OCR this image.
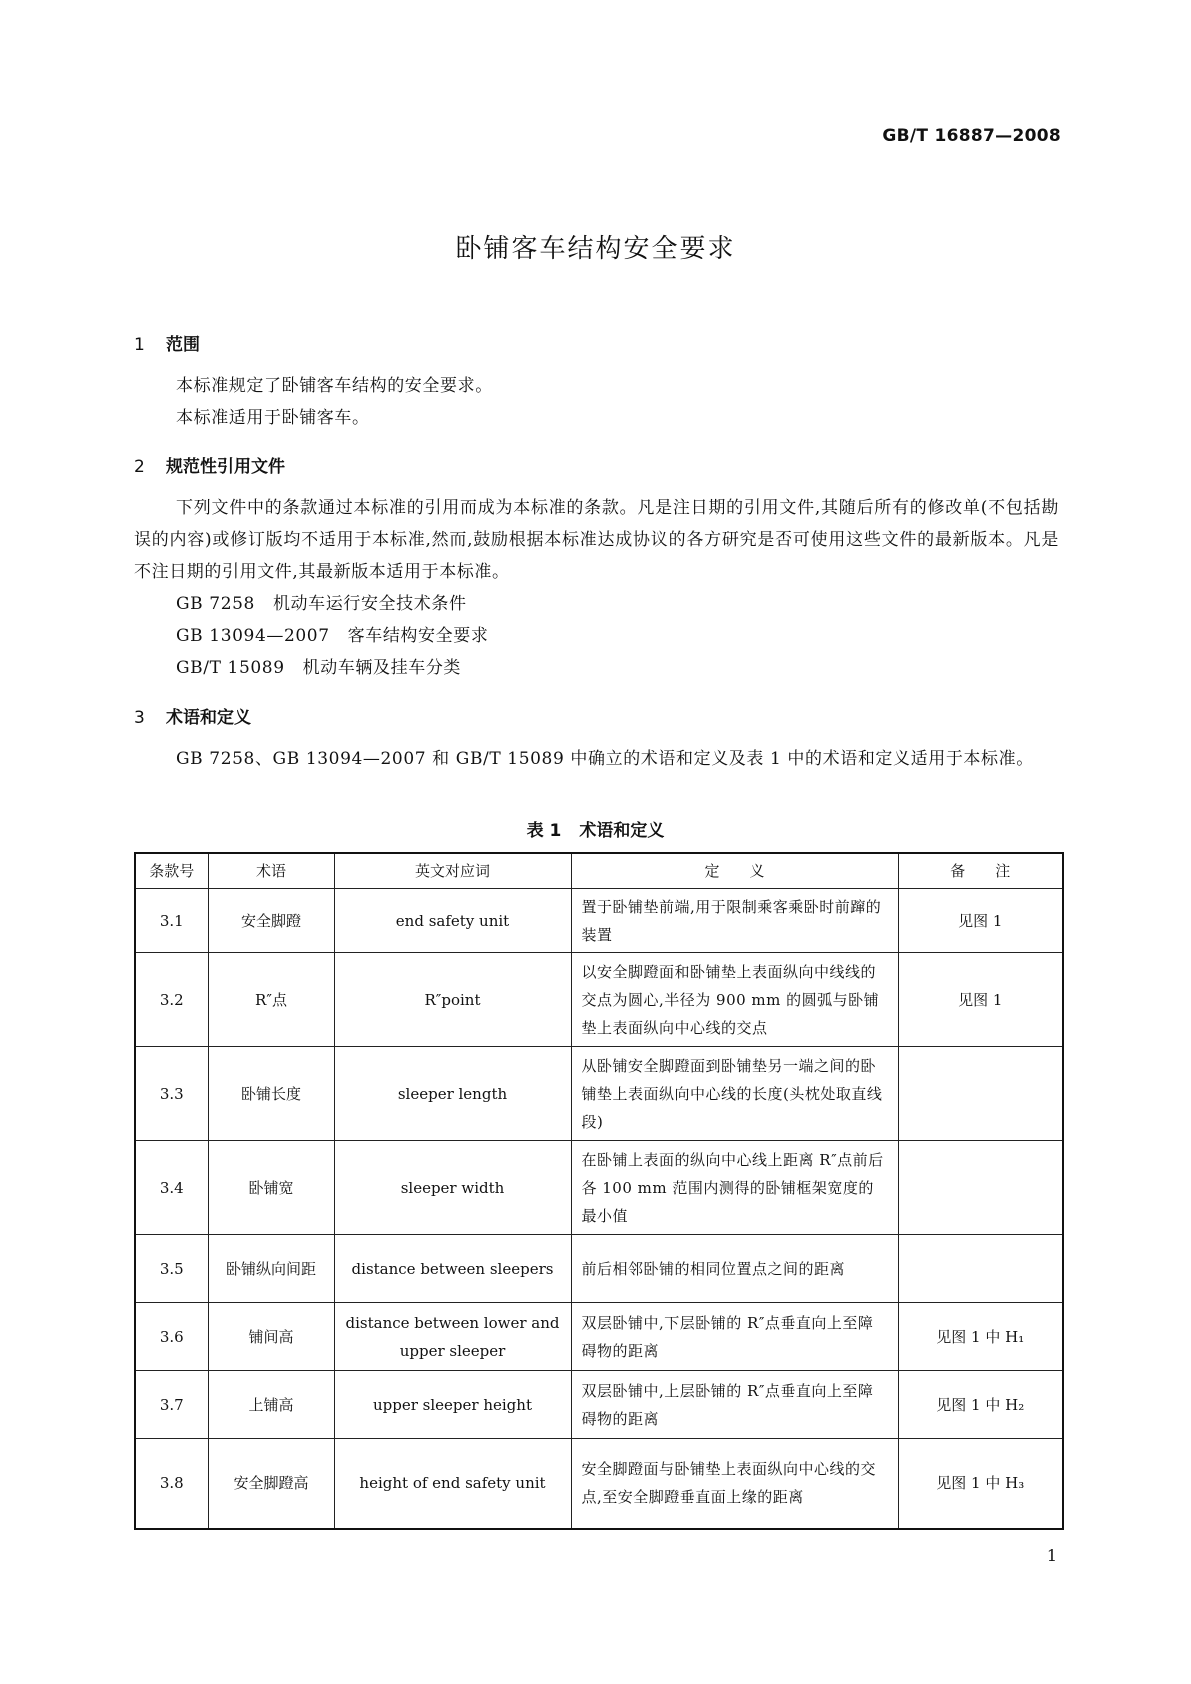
GB/T 16887—2008
卧铺客车结构安全要求
1 范围

本标准规定了卧铺客车结构的安全要求。

本标准适用于卧铺客车。

2 规范性引用文件

下列文件中的条款通过本标准的引用而成为本标准的条款。凡是注日期的引用文件,其随后所有的修改单(不包括勘误的内容)或修订版均不适用于本标准,然而,鼓励根据本标准达成协议的各方研究是否可使用这些文件的最新版本。凡是不注日期的引用文件,其最新版本适用于本标准。

GB 7258 机动车运行安全技术条件
GB 13094—2007 客车结构安全要求
GB/T 15089 机动车辆及挂车分类
3 术语和定义

GB 7258、GB 13094—2007 和 GB/T 15089 中确立的术语和定义及表 1 中的术语和定义适用于本标准。

表 1 术语和定义
条款号	术语	英文对应词	定　　义	备　　注
3.1	安全脚蹬	end safety unit	置于卧铺垫前端,用于限制乘客乘卧时前蹿的装置	见图 1
3.2	R″点	R″point	以安全脚蹬面和卧铺垫上表面纵向中线线的交点为圆心,半径为 900 mm 的圆弧与卧铺垫上表面纵向中心线的交点	见图 1
3.3	卧铺长度	sleeper length	从卧铺安全脚蹬面到卧铺垫另一端之间的卧铺垫上表面纵向中心线的长度(头枕处取直线段)	
3.4	卧铺宽	sleeper width	在卧铺上表面的纵向中心线上距离 R″点前后各 100 mm 范围内测得的卧铺框架宽度的最小值	
3.5	卧铺纵向间距	distance between sleepers	前后相邻卧铺的相同位置点之间的距离	
3.6	铺间高	distance between lower and upper sleeper	双层卧铺中,下层卧铺的 R″点垂直向上至障碍物的距离	见图 1 中 H₁
3.7	上铺高	upper sleeper height	双层卧铺中,上层卧铺的 R″点垂直向上至障碍物的距离	见图 1 中 H₂
3.8	安全脚蹬高	height of end safety unit	安全脚蹬面与卧铺垫上表面纵向中心线的交点,至安全脚蹬垂直面上缘的距离	见图 1 中 H₃
1
